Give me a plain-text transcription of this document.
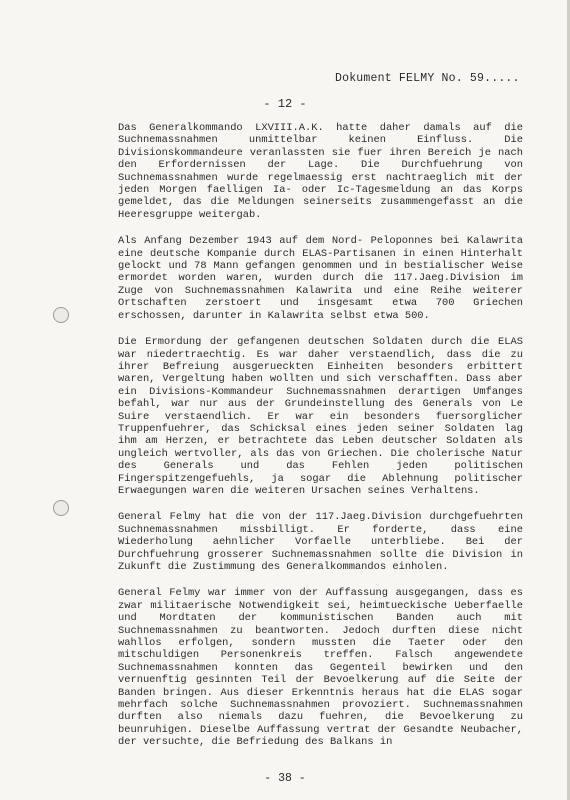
Dokument FELMY No. 59.....
- 12 -

Das Generalkommando LXVIII.A.K. hatte daher damals auf die Suchnemassnahmen unmittelbar keinen Einfluss. Die Divisionskommandeure veranlassten sie fuer ihren Bereich je nach den Erfordernissen der Lage. Die Durchfuehrung von Suchnemassnahmen wurde regelmaessig erst nachtraeglich mit der jeden Morgen faelligen Ia- oder Ic-Tagesmeldung an das Korps gemeldet, das die Meldungen seinerseits zusammengefasst an die Heeresgruppe weitergab.

Als Anfang Dezember 1943 auf dem Nord- Peloponnes bei Kalawrita eine deutsche Kompanie durch ELAS-Partisanen in einen Hinterhalt gelockt und 78 Mann gefangen genommen und in bestialischer Weise ermordet worden waren, wurden durch die 117.Jaeg.Division im Zuge von Suchnemassnahmen Kalawrita und eine Reihe weiterer Ortschaften zerstoert und insgesamt etwa 700 Griechen erschossen, darunter in Kalawrita selbst etwa 500.

Die Ermordung der gefangenen deutschen Soldaten durch die ELAS war niedertraechtig. Es war daher verstaendlich, dass die zu ihrer Befreiung ausgerueckten Einheiten besonders erbittert waren, Vergeltung haben wollten und sich verschafften. Dass aber ein Divisions-Kommandeur Suchnemassnahmen derartigen Umfanges befahl, war nur aus der Grundeinstellung des Generals von Le Suire verstaendlich. Er war ein besonders fuersorglicher Truppenfuehrer, das Schicksal eines jeden seiner Soldaten lag ihm am Herzen, er betrachtete das Leben deutscher Soldaten als ungleich wertvoller, als das von Griechen. Die cholerische Natur des Generals und das Fehlen jeden politischen Fingerspitzengefuehls, ja sogar die Ablehnung politischer Erwaegungen waren die weiteren Ursachen seines Verhaltens.

General Felmy hat die von der 117.Jaeg.Division durchgefuehrten Suchnemassnahmen missbilligt. Er forderte, dass eine Wiederholung aehnlicher Vorfaelle unterbliebe. Bei der Durchfuehrung grosserer Suchnemassnahmen sollte die Division in Zukunft die Zustimmung des Generalkommandos einholen.

General Felmy war immer von der Auffassung ausgegangen, dass es zwar militaerische Notwendigkeit sei, heimtueckische Ueberfaelle und Mordtaten der kommunistischen Banden auch mit Suchnemassnahmen zu beantworten. Jedoch durften diese nicht wahllos erfolgen, sondern mussten die Taeter oder den mitschuldigen Personenkreis treffen. Falsch angewendete Suchnemassnahmen konnten das Gegenteil bewirken und den vernuenftig gesinnten Teil der Bevoelkerung auf die Seite der Banden bringen. Aus dieser Erkenntnis heraus hat die ELAS sogar mehrfach solche Suchnemassnahmen provoziert. Suchnemassnahmen durften also niemals dazu fuehren, die Bevoelkerung zu beunruhigen. Dieselbe Auffassung vertrat der Gesandte Neubacher, der versuchte, die Befriedung des Balkans in

- 38 -
